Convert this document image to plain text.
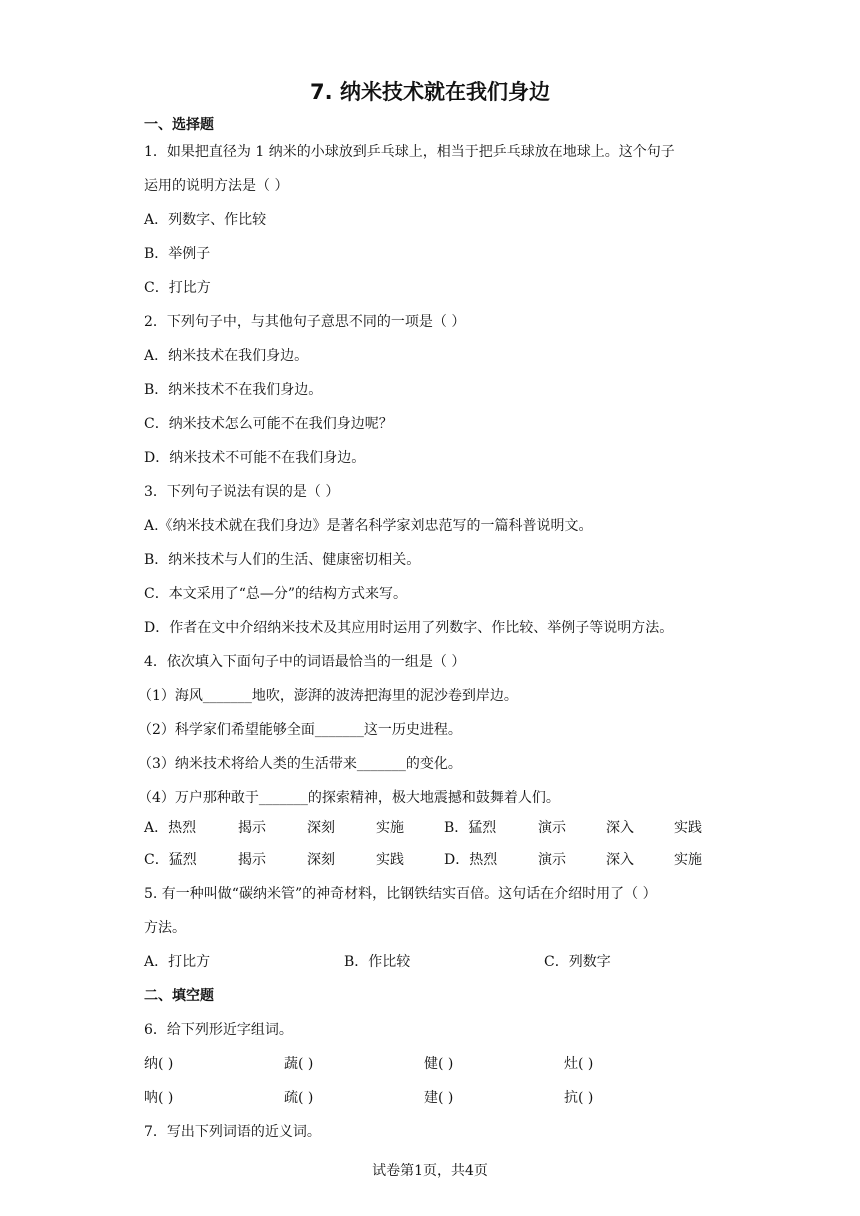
7. 纳米技术就在我们身边
一、选择题
1．如果把直径为 1 纳米的小球放到乒乓球上，相当于把乒乓球放在地球上。这个句子
运用的说明方法是（ ）
A．列数字、作比较
B．举例子
C．打比方
2．下列句子中，与其他句子意思不同的一项是（ ）
A．纳米技术在我们身边。
B．纳米技术不在我们身边。
C．纳米技术怎么可能不在我们身边呢？
D．纳米技术不可能不在我们身边。
3．下列句子说法有误的是（ ）
A.《纳米技术就在我们身边》是著名科学家刘忠范写的一篇科普说明文。
B．纳米技术与人们的生活、健康密切相关。
C．本文采用了“总—分”的结构方式来写。
D．作者在文中介绍纳米技术及其应用时运用了列数字、作比较、举例子等说明方法。
4．依次填入下面句子中的词语最恰当的一组是（ ）
（1）海风_______地吹，澎湃的波涛把海里的泥沙卷到岸边。
（2）科学家们希望能够全面_______这一历史进程。
（3）纳米技术将给人类的生活带来_______的变化。
（4）万户那种敢于_______的探索精神，极大地震撼和鼓舞着人们。
A．热烈	揭示	深刻	实施	B．猛烈	演示	深入	实践
C．猛烈	揭示	深刻	实践	D．热烈	演示	深入	实施
5. 有一种叫做“碳纳米管”的神奇材料，比钢铁结实百倍。这句话在介绍时用了（ ）
方法。
A．打比方	B．作比较	C．列数字
二、填空题
6．给下列形近字组词。
纳( )	蔬( )	健( )	灶( )
呐( )	疏( )	建( )	抗( )
7．写出下列词语的近义词。
试卷第1页，共4页
